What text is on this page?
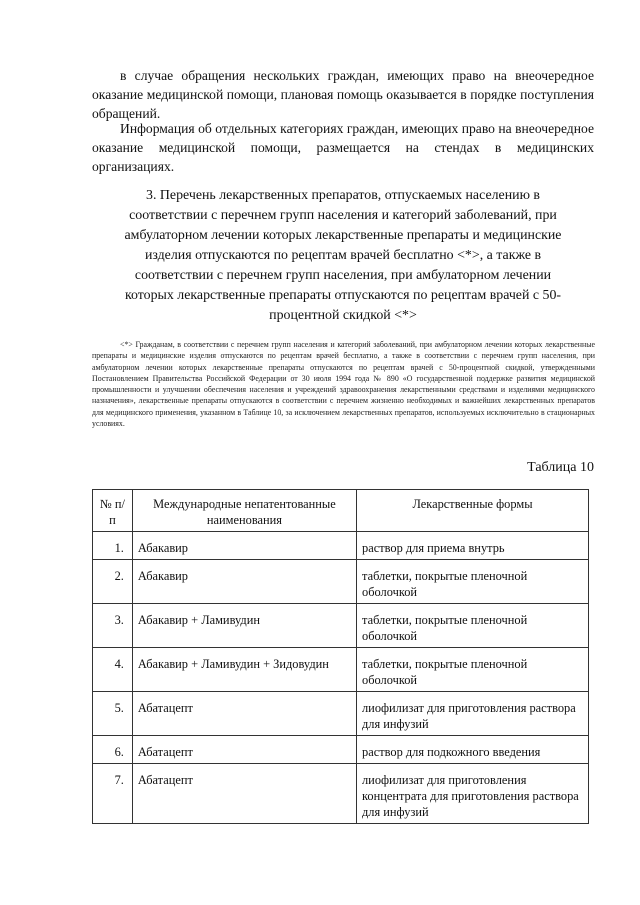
в случае обращения нескольких граждан, имеющих право на внеочередное оказание медицинской помощи, плановая помощь оказывается в порядке поступления обращений.

Информация об отдельных категориях граждан, имеющих право на внеочередное оказание медицинской помощи, размещается на стендах в медицинских организациях.

3. Перечень лекарственных препаратов, отпускаемых населению в соответствии с перечнем групп населения и категорий заболеваний, при амбулаторном лечении которых лекарственные препараты и медицинские изделия отпускаются по рецептам врачей бесплатно <*>, а также в соответствии с перечнем групп населения, при амбулаторном лечении которых лекарственные препараты отпускаются по рецептам врачей с 50-процентной скидкой <*>

<*> Гражданам, в соответствии с перечнем групп населения и категорий заболеваний, при амбулаторном лечении которых лекарственные препараты и медицинские изделия отпускаются по рецептам врачей бесплатно, а также в соответствии с перечнем групп населения, при амбулаторном лечении которых лекарственные препараты отпускаются по рецептам врачей с 50-процентной скидкой, утвержденными Постановлением Правительства Российской Федерации от 30 июля 1994 года № 890 «О государственной поддержке развития медицинской промышленности и улучшении обеспечения населения и учреждений здравоохранения лекарственными средствами и изделиями медицинского назначения», лекарственные препараты отпускаются в соответствии с перечнем жизненно необходимых и важнейших лекарственных препаратов для медицинского применения, указанном в Таблице 10, за исключением лекарственных препаратов, используемых исключительно в стационарных условиях.

Таблица 10

№ п/п	Международные непатентованные наименования	Лекарственные формы
1.	Абакавир	раствор для приема внутрь
2.	Абакавир	таблетки, покрытые пленочной оболочкой
3.	Абакавир + Ламивудин	таблетки, покрытые пленочной оболочкой
4.	Абакавир + Ламивудин + Зидовудин	таблетки, покрытые пленочной оболочкой
5.	Абатацепт	лиофилизат для приготовления раствора для инфузий
6.	Абатацепт	раствор для подкожного введения
7.	Абатацепт	лиофилизат для приготовления концентрата для приготовления раствора для инфузий
